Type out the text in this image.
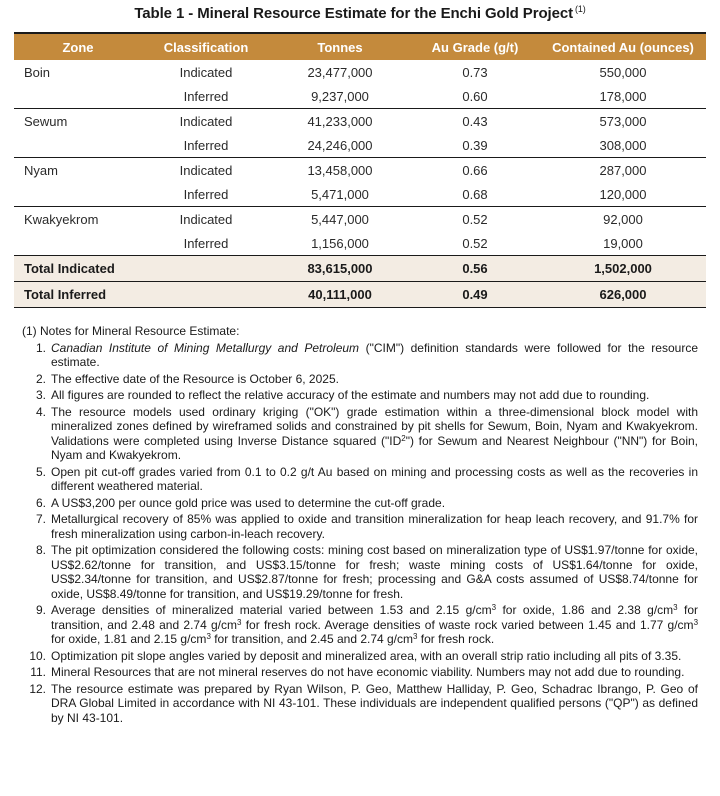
Table 1 - Mineral Resource Estimate for the Enchi Gold Project $^{(1)}$
Zone	Classification	Tonnes	Au Grade (g/t)	Contained Au (ounces)
Boin	Indicated	23,477,000	0.73	550,000
	Inferred	9,237,000	0.60	178,000
Sewum	Indicated	41,233,000	0.43	573,000
	Inferred	24,246,000	0.39	308,000
Nyam	Indicated	13,458,000	0.66	287,000
	Inferred	5,471,000	0.68	120,000
Kwakyekrom	Indicated	5,447,000	0.52	92,000
	Inferred	1,156,000	0.52	19,000
Total Indicated		83,615,000	0.56	1,502,000
Total Inferred		40,111,000	0.49	626,000
(1) Notes for Mineral Resource Estimate:
1. Canadian Institute of Mining Metallurgy and Petroleum ("CIM") definition standards were followed for the resource estimate.
2. The effective date of the Resource is October 6, 2025.
3. All figures are rounded to reflect the relative accuracy of the estimate and numbers may not add due to rounding.
4. The resource models used ordinary kriging ("OK") grade estimation within a three-dimensional block model with mineralized zones defined by wireframed solids and constrained by pit shells for Sewum, Boin, Nyam and Kwakyekrom. Validations were completed using Inverse Distance squared $("ID^2")$ for Sewum and Nearest Neighbour ("NN") for Boin, Nyam and Kwakyekrom.
5. Open pit cut-off grades varied from 0.1 to 0.2 g/t Au based on mining and processing costs as well as the recoveries in different weathered material.
6. A US$3,200 per ounce gold price was used to determine the cut-off grade.
7. Metallurgical recovery of 85% was applied to oxide and transition mineralization for heap leach recovery, and 91.7% for fresh mineralization using carbon-in-leach recovery.
8. The pit optimization considered the following costs: mining cost based on mineralization type of US$1.97/tonne for oxide, US$2.62/tonne for transition, and US$3.15/tonne for fresh; waste mining costs of US$1.64/tonne for oxide, US$2.34/tonne for transition, and US$2.87/tonne for fresh; processing and G&A costs assumed of US$8.74/tonne for oxide, US$8.49/tonne for transition, and US$19.29/tonne for fresh.
9. Average densities of mineralized material varied between 1.53 and 2.15 $g/cm^3$ for oxide, 1.86 and 2.38 $g/cm^3$ for transition, and 2.48 and 2.74 $g/cm^3$ for fresh rock. Average densities of waste rock varied between 1.45 and 1.77 $g/cm^3$ for oxide, 1.81 and 2.15 $g/cm^3$ for transition, and 2.45 and 2.74 $g/cm^3$ for fresh rock.
10. Optimization pit slope angles varied by deposit and mineralized area, with an overall strip ratio including all pits of 3.35.
11. Mineral Resources that are not mineral reserves do not have economic viability. Numbers may not add due to rounding.
12. The resource estimate was prepared by Ryan Wilson, P. Geo, Matthew Halliday, P. Geo, Schadrac Ibrango, P. Geo of DRA Global Limited in accordance with NI 43-101. These individuals are independent qualified persons ("QP") as defined by NI 43-101.
